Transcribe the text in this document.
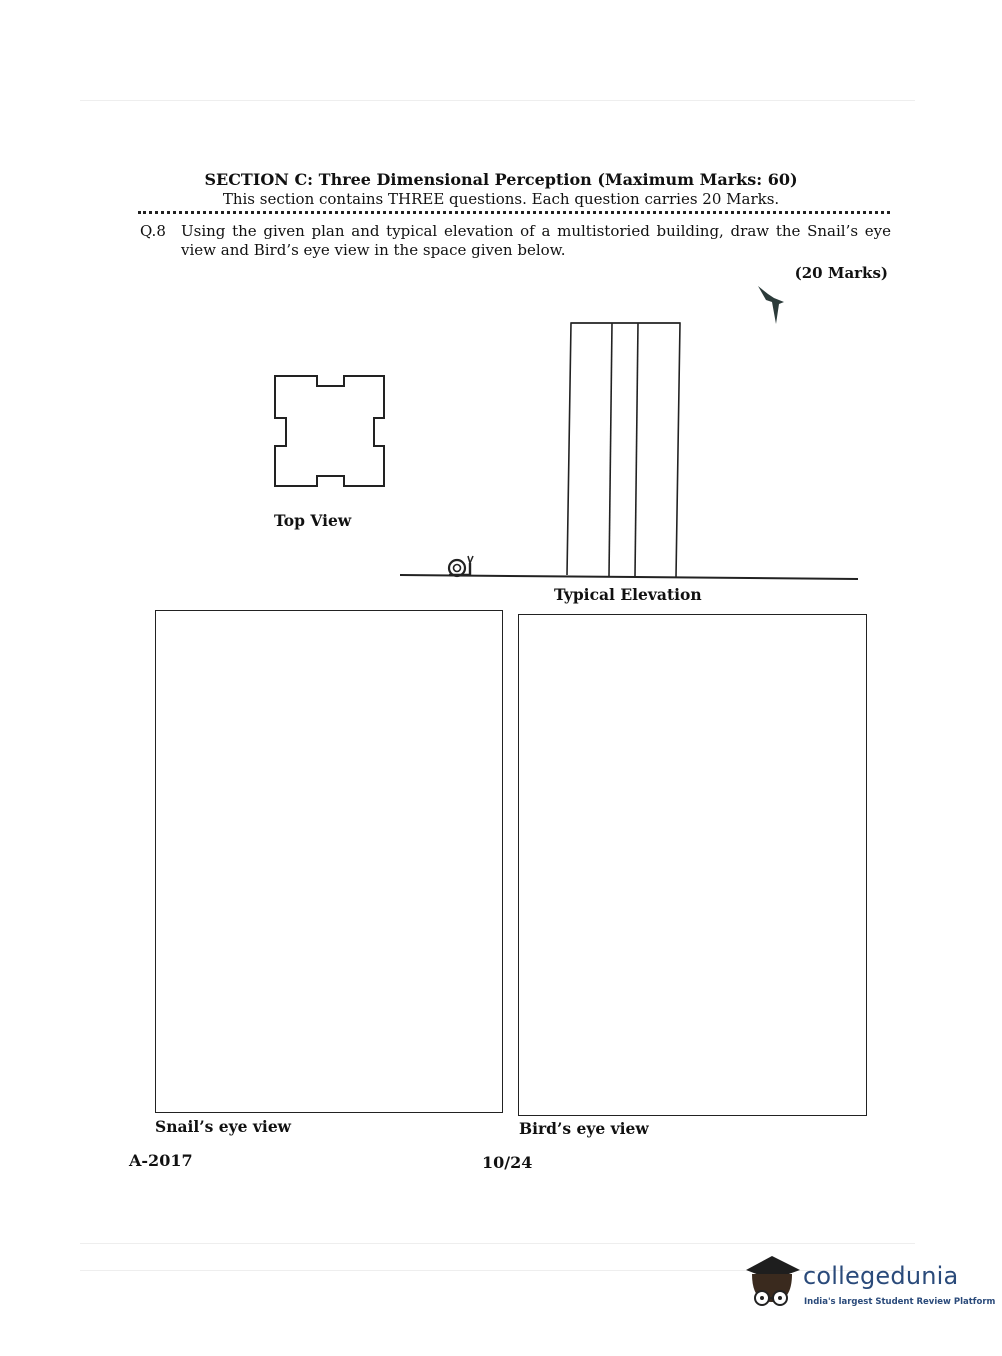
SECTION C: Three Dimensional Perception (Maximum Marks: 60)
This section contains THREE questions. Each question carries 20 Marks.
Q.8 Using the given plan and typical elevation of a multistoried building, draw the Snail’s eye view and Bird’s eye view in the space given below.
(20 Marks)
Top View
Typical Elevation
Snail’s eye view	Bird’s eye view
A-2017	10/24
collegedunia
India's largest Student Review Platform
